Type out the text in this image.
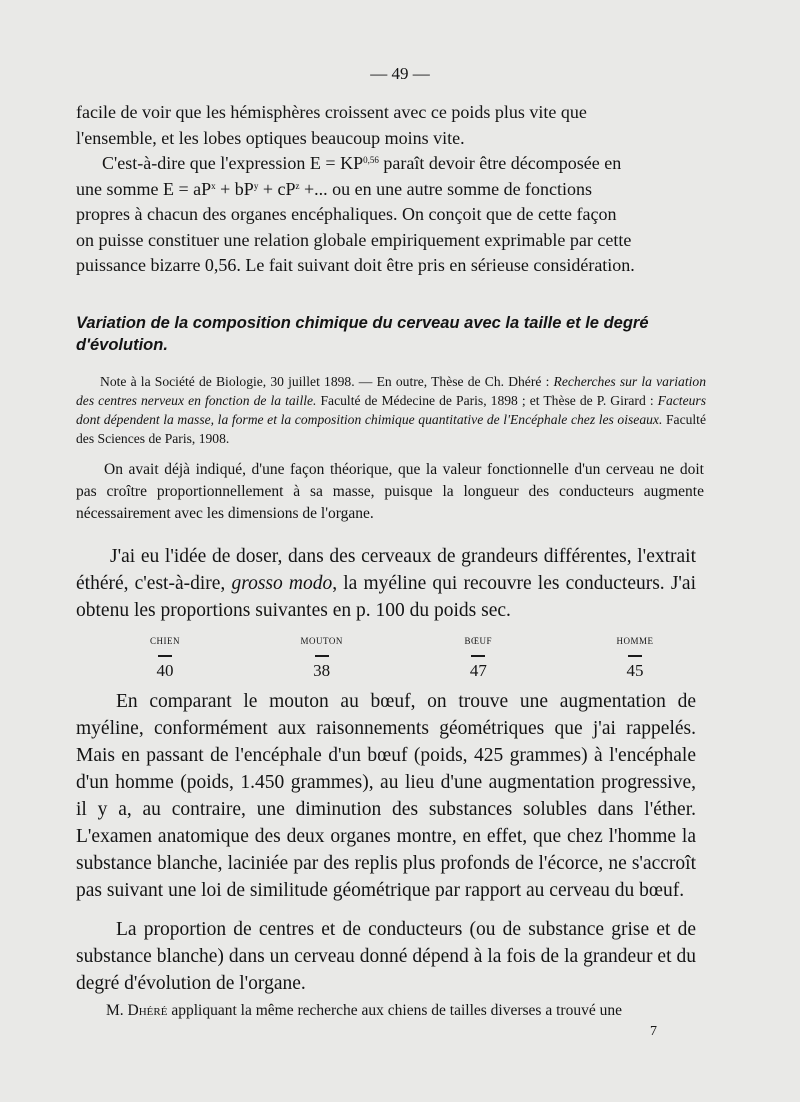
— 49 —

facile de voir que les hémisphères croissent avec ce poids plus vite que
l'ensemble, et les lobes optiques beaucoup moins vite.

C'est-à-dire que l'expression E = KP$^{0,56}$ paraît devoir être décomposée en
une somme $E = aP^x + bP^y + cP^z$ +... ou en une autre somme de fonctions
propres à chacun des organes encéphaliques. On conçoit que de cette façon
on puisse constituer une relation globale empiriquement exprimable par cette
puissance bizarre 0,56. Le fait suivant doit être pris en sérieuse considération.

Variation de la composition chimique du cerveau avec la taille et le degré d'évolution.

Note à la Société de Biologie, 30 juillet 1898. — En outre, Thèse de Ch. Dhéré : Recherches sur la variation des centres nerveux en fonction de la taille. Faculté de Médecine de Paris, 1898 ; et Thèse de P. Girard : Facteurs dont dépendent la masse, la forme et la composition chimique quantitative de l'Encéphale chez les oiseaux. Faculté des Sciences de Paris, 1908.

On avait déjà indiqué, d'une façon théorique, que la valeur fonctionnelle d'un cerveau ne doit pas croître proportionnellement à sa masse, puisque la longueur des conducteurs augmente nécessairement avec les dimensions de l'organe.

J'ai eu l'idée de doser, dans des cerveaux de grandeurs différentes, l'extrait éthéré, c'est-à-dire, grosso modo, la myéline qui recouvre les conducteurs. J'ai obtenu les proportions suivantes en p. 100 du poids sec.

CHIEN
40
MOUTON
38
BŒUF
47
HOMME
45

En comparant le mouton au bœuf, on trouve une augmentation de myéline, conformément aux raisonnements géométriques que j'ai rappelés. Mais en passant de l'encéphale d'un bœuf (poids, 425 grammes) à l'encéphale d'un homme (poids, 1.450 grammes), au lieu d'une augmentation progressive, il y a, au contraire, une diminution des substances solubles dans l'éther. L'examen anatomique des deux organes montre, en effet, que chez l'homme la substance blanche, laciniée par des replis plus profonds de l'écorce, ne s'accroît pas suivant une loi de similitude géométrique par rapport au cerveau du bœuf.

La proportion de centres et de conducteurs (ou de substance grise et de substance blanche) dans un cerveau donné dépend à la fois de la grandeur et du degré d'évolution de l'organe.

M. Dhéré appliquant la même recherche aux chiens de tailles diverses a trouvé une

7
